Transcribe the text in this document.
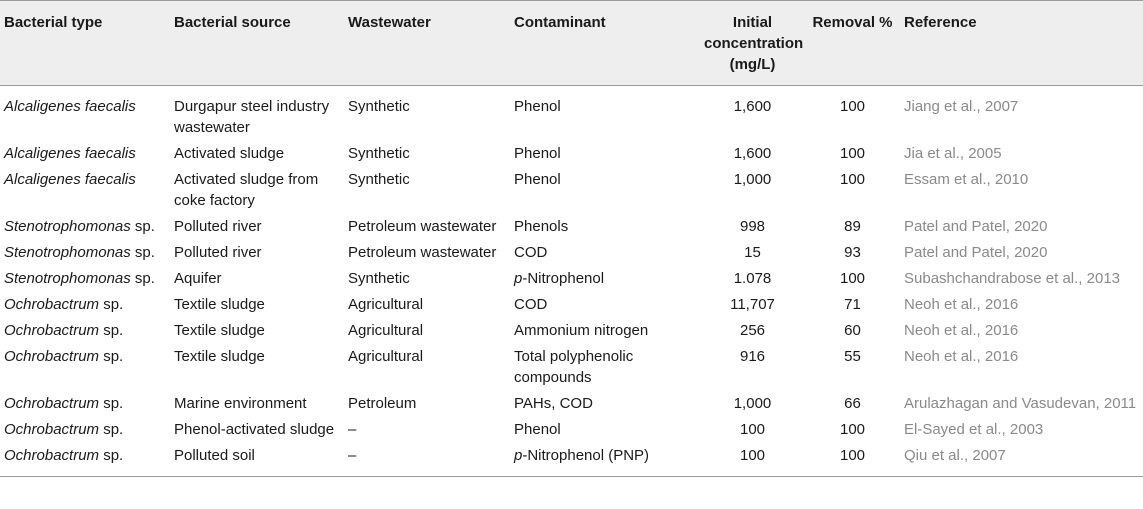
Bacterial type	Bacterial source	Wastewater	Contaminant	Initial concentration (mg/L)	Removal %	Reference
Alcaligenes faecalis	Durgapur steel industry wastewater	Synthetic	Phenol	1,600	100	Jiang et al., 2007
Alcaligenes faecalis	Activated sludge	Synthetic	Phenol	1,600	100	Jia et al., 2005
Alcaligenes faecalis	Activated sludge from coke factory	Synthetic	Phenol	1,000	100	Essam et al., 2010
Stenotrophomonas sp.	Polluted river	Petroleum wastewater	Phenols	998	89	Patel and Patel, 2020
Stenotrophomonas sp.	Polluted river	Petroleum wastewater	COD	15	93	Patel and Patel, 2020
Stenotrophomonas sp.	Aquifer	Synthetic	p-Nitrophenol	1.078	100	Subashchandrabose et al., 2013
Ochrobactrum sp.	Textile sludge	Agricultural	COD	11,707	71	Neoh et al., 2016
Ochrobactrum sp.	Textile sludge	Agricultural	Ammonium nitrogen	256	60	Neoh et al., 2016
Ochrobactrum sp.	Textile sludge	Agricultural	Total polyphenolic compounds	916	55	Neoh et al., 2016
Ochrobactrum sp.	Marine environment	Petroleum	PAHs, COD	1,000	66	Arulazhagan and Vasudevan, 2011
Ochrobactrum sp.	Phenol-activated sludge	–	Phenol	100	100	El-Sayed et al., 2003
Ochrobactrum sp.	Polluted soil	–	p-Nitrophenol (PNP)	100	100	Qiu et al., 2007
